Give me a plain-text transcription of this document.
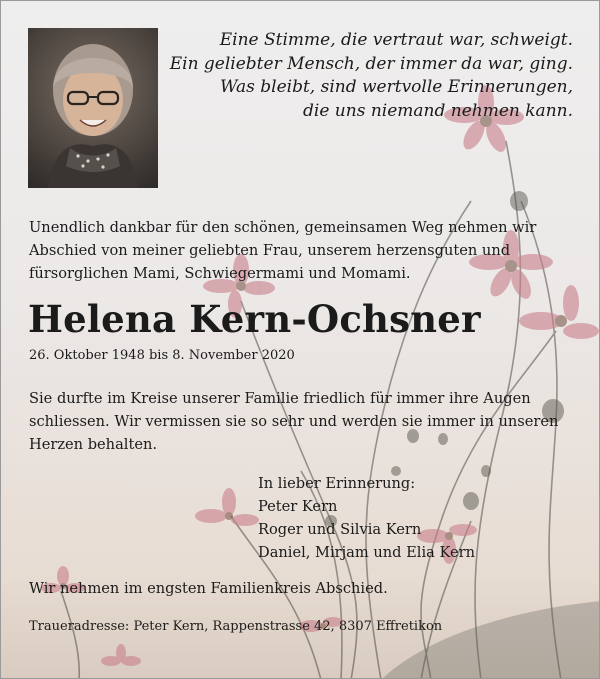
Eine Stimme, die vertraut war, schweigt.
Ein geliebter Mensch, der immer da war, ging.
Was bleibt, sind wertvolle Erinnerungen,
die uns niemand nehmen kann.
Unendlich dankbar für den schönen, gemeinsamen Weg nehmen wir
Abschied von meiner geliebten Frau, unserem herzensguten und
fürsorglichen Mami, Schwiegermami und Momami.
Helena Kern-Ochsner
26. Oktober 1948 bis 8. November 2020
Sie durfte im Kreise unserer Familie friedlich für immer ihre Augen
schliessen. Wir vermissen sie so sehr und werden sie immer in unseren
Herzen behalten.
In lieber Erinnerung:
Peter Kern
Roger und Silvia Kern
Daniel, Mirjam und Elia Kern
Wir nehmen im engsten Familienkreis Abschied.
Traueradresse: Peter Kern, Rappenstrasse 42, 8307 Effretikon
